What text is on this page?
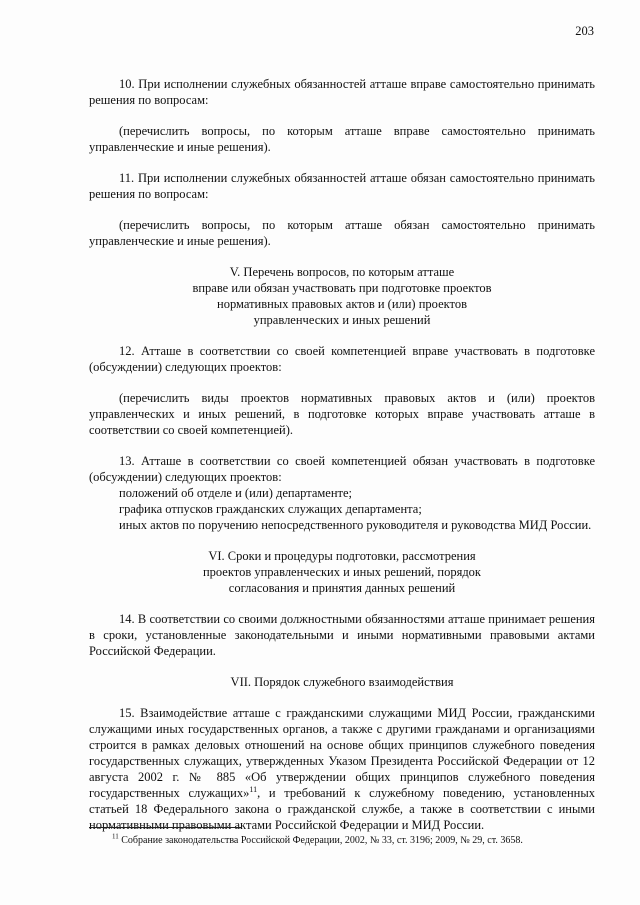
203

10. При исполнении служебных обязанностей атташе вправе самостоятельно принимать решения по вопросам:

(перечислить вопросы, по которым атташе вправе самостоятельно принимать управленческие и иные решения).

11. При исполнении служебных обязанностей атташе обязан самостоятельно принимать решения по вопросам:

(перечислить вопросы, по которым атташе обязан самостоятельно принимать управленческие и иные решения).

V. Перечень вопросов, по которым атташе
вправе или обязан участвовать при подготовке проектов
нормативных правовых актов и (или) проектов
управленческих и иных решений

12. Атташе в соответствии со своей компетенцией вправе участвовать в подготовке (обсуждении) следующих проектов:

(перечислить виды проектов нормативных правовых актов и (или) проектов управленческих и иных решений, в подготовке которых вправе участвовать атташе в соответствии со своей компетенцией).

13. Атташе в соответствии со своей компетенцией обязан участвовать в подготовке (обсуждении) следующих проектов:

положений об отделе и (или) департаменте;

графика отпусков гражданских служащих департамента;

иных актов по поручению непосредственного руководителя и руководства МИД России.

VI. Сроки и процедуры подготовки, рассмотрения
проектов управленческих и иных решений, порядок
согласования и принятия данных решений

14. В соответствии со своими должностными обязанностями атташе принимает решения в сроки, установленные законодательными и иными нормативными правовыми актами Российской Федерации.

VII. Порядок служебного взаимодействия

15. Взаимодействие атташе с гражданскими служащими МИД России, гражданскими служащими иных государственных органов, а также с другими гражданами и организациями строится в рамках деловых отношений на основе общих принципов служебного поведения государственных служащих, утвержденных Указом Президента Российской Федерации от 12 августа 2002 г. № 885 «Об утверждении общих принципов служебного поведения государственных служащих»$^{11}$, и требований к служебному поведению, установленных статьей 18 Федерального закона о гражданской службе, а также в соответствии с иными нормативными правовыми актами Российской Федерации и МИД России.

$^{11}$ Собрание законодательства Российской Федерации, 2002, № 33, ст. 3196; 2009, № 29, ст. 3658.
